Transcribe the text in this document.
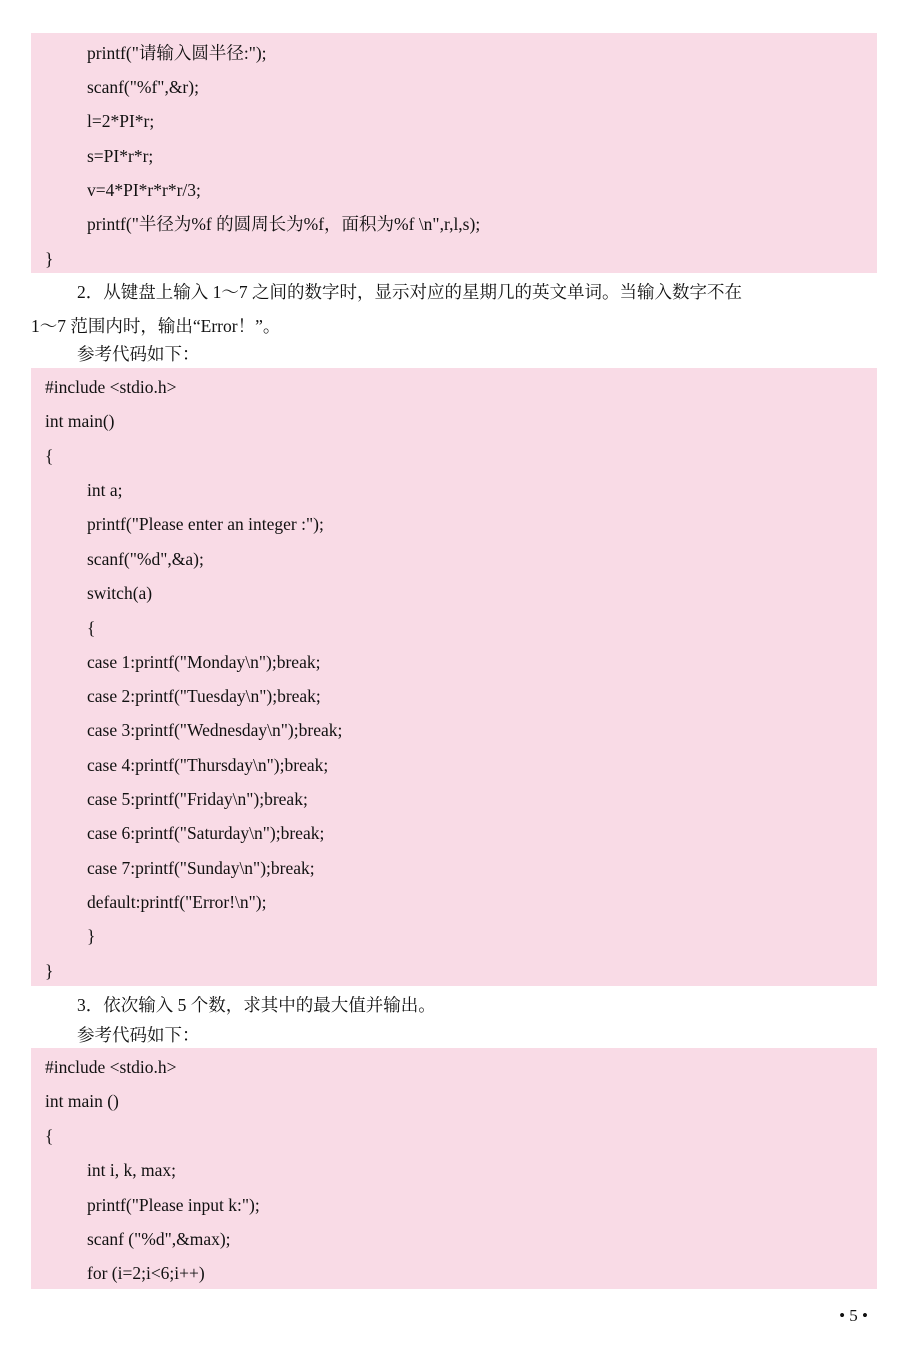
printf("请输入圆半径:");
scanf("%f",&r);
l=2*PI*r;
s=PI*r*r;
v=4*PI*r*r*r/3;
printf("半径为%f 的圆周长为%f，面积为%f \n",r,l,s);
}
2．从键盘上输入 1～7 之间的数字时，显示对应的星期几的英文单词。当输入数字不在
1～7 范围内时，输出“Error！”。
参考代码如下：
#include <stdio.h>
int main()
{
int a;
printf("Please enter an integer :");
scanf("%d",&a);
switch(a)
{
case 1:printf("Monday\n");break;
case 2:printf("Tuesday\n");break;
case 3:printf("Wednesday\n");break;
case 4:printf("Thursday\n");break;
case 5:printf("Friday\n");break;
case 6:printf("Saturday\n");break;
case 7:printf("Sunday\n");break;
default:printf("Error!\n");
}
}
3．依次输入 5 个数，求其中的最大值并输出。
参考代码如下：
#include <stdio.h>
int main ()
{
int i, k, max;
printf("Please input k:");
scanf ("%d",&max);
for (i=2;i<6;i++)
• 5 •
